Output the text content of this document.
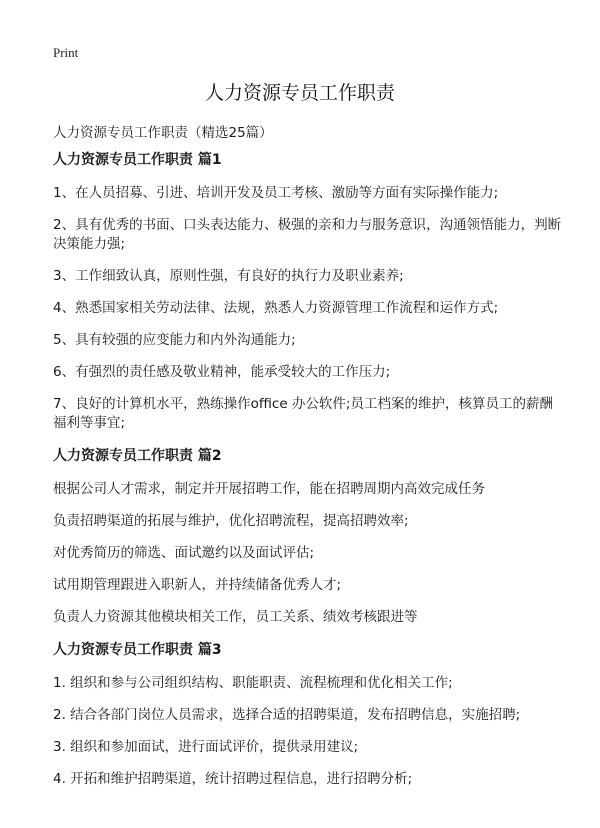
Print
人力资源专员工作职责

人力资源专员工作职责（精选25篇）

人力资源专员工作职责 篇1

1、在人员招募、引进、培训开发及员工考核、激励等方面有实际操作能力;

2、具有优秀的书面、口头表达能力、极强的亲和力与服务意识，沟通领悟能力，判断决策能力强;

3、工作细致认真，原则性强，有良好的执行力及职业素养;

4、熟悉国家相关劳动法律、法规，熟悉人力资源管理工作流程和运作方式;

5、具有较强的应变能力和内外沟通能力;

6、有强烈的责任感及敬业精神，能承受较大的工作压力;

7、良好的计算机水平，熟练操作office 办公软件;员工档案的维护，核算员工的薪酬福利等事宜;

人力资源专员工作职责 篇2

根据公司人才需求，制定并开展招聘工作，能在招聘周期内高效完成任务

负责招聘渠道的拓展与维护，优化招聘流程，提高招聘效率;

对优秀简历的筛选、面试邀约以及面试评估;

试用期管理跟进入职新人，并持续储备优秀人才;

负责人力资源其他模块相关工作，员工关系、绩效考核跟进等

人力资源专员工作职责 篇3

1. 组织和参与公司组织结构、职能职责、流程梳理和优化相关工作;

2. 结合各部门岗位人员需求，选择合适的招聘渠道，发布招聘信息，实施招聘;

3. 组织和参加面试，进行面试评价，提供录用建议;

4. 开拓和维护招聘渠道，统计招聘过程信息，进行招聘分析;
